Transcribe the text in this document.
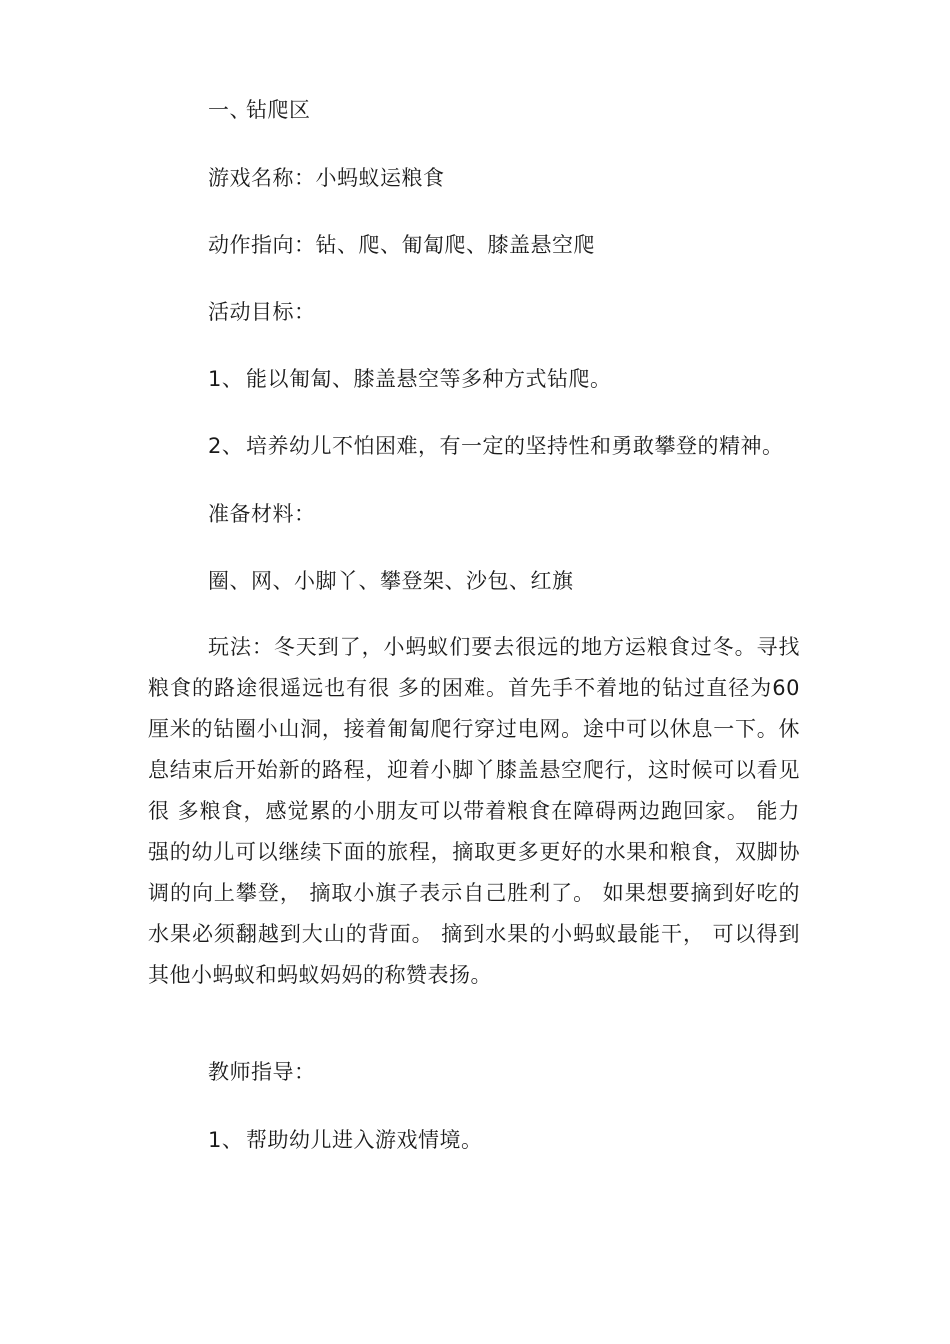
一、钻爬区
游戏名称：小蚂蚁运粮食
动作指向：钻、爬、匍匐爬、膝盖悬空爬
活动目标：
1、 能以匍匐、膝盖悬空等多种方式钻爬。
2、 培养幼儿不怕困难，有一定的坚持性和勇敢攀登的精神。
准备材料：
圈、网、小脚丫、攀登架、沙包、红旗
玩法：冬天到了，小蚂蚁们要去很远的地方运粮食过冬。寻找粮食的路途很遥远也有很 多的困难。首先手不着地的钻过直径为60厘米的钻圈小山洞，接着匍匐爬行穿过电网。途中可以休息一下。休息结束后开始新的路程，迎着小脚丫膝盖悬空爬行，这时候可以看见很 多粮食，感觉累的小朋友可以带着粮食在障碍两边跑回家。 能力强的幼儿可以继续下面的旅程，摘取更多更好的水果和粮食，双脚协调的向上攀登， 摘取小旗子表示自己胜利了。 如果想要摘到好吃的水果必须翻越到大山的背面。 摘到水果的小蚂蚁最能干， 可以得到其他小蚂蚁和蚂蚁妈妈的称赞表扬。
教师指导：
1、 帮助幼儿进入游戏情境。
